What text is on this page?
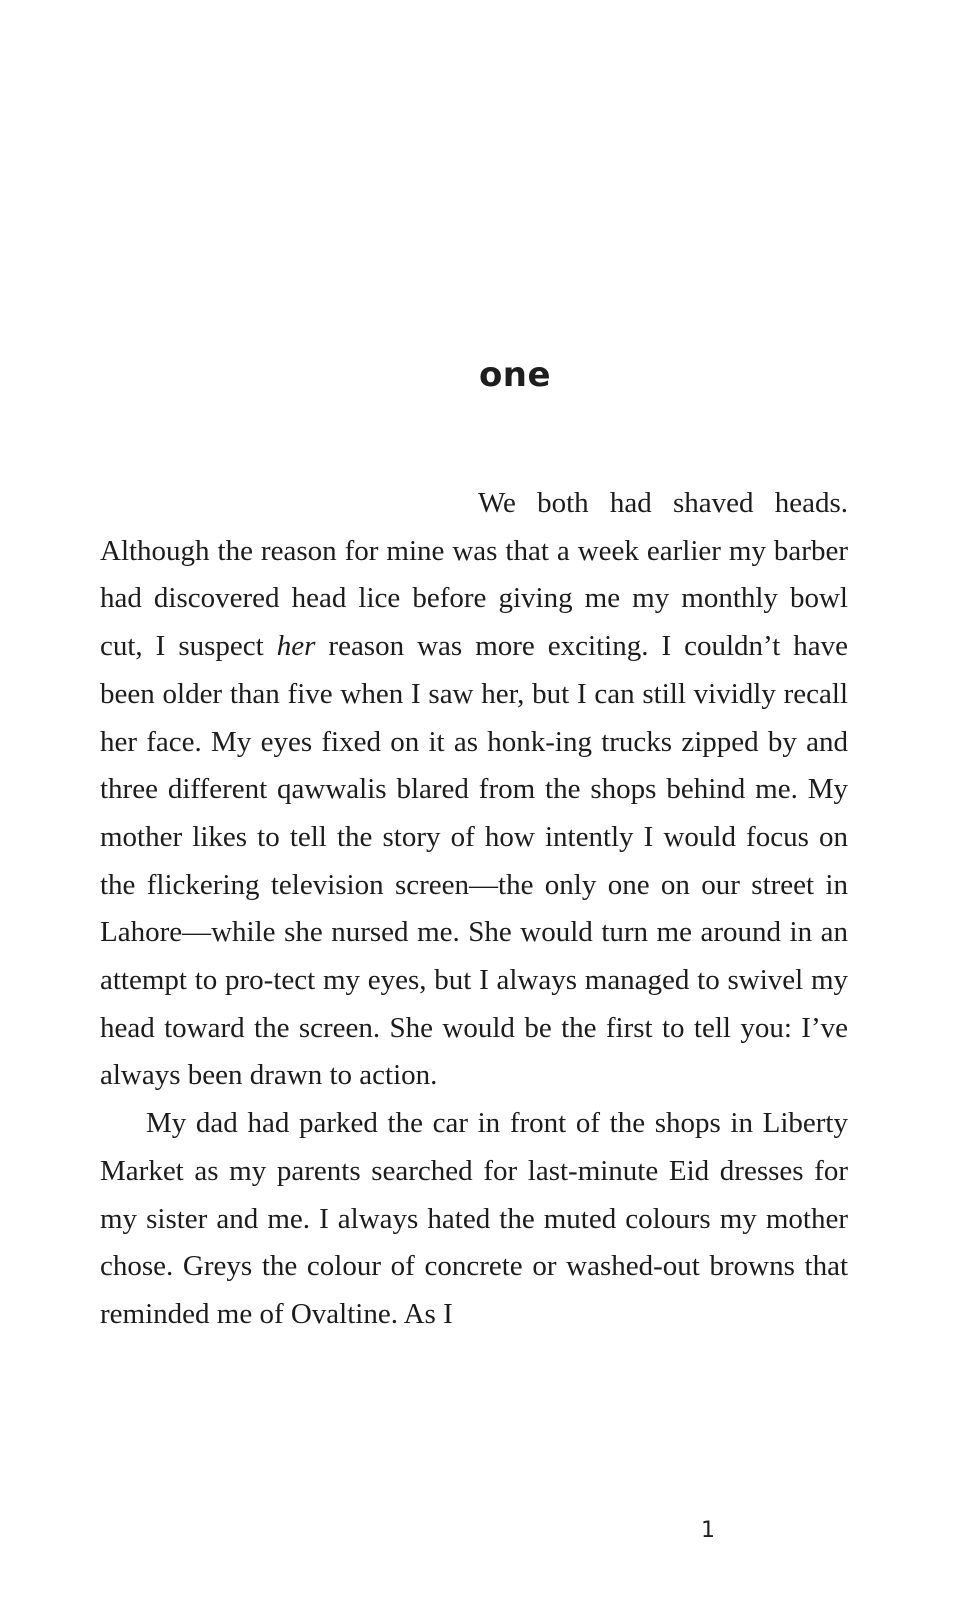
one

We both had shaved heads. Although the reason for mine was that a week earlier my barber had discovered head lice before giving me my monthly bowl cut, I suspect her reason was more exciting. I couldn’t have been older than five when I saw her, but I can still vividly recall her face. My eyes fixed on it as honk-ing trucks zipped by and three different qawwalis blared from the shops behind me. My mother likes to tell the story of how intently I would focus on the flickering television screen—the only one on our street in Lahore—while she nursed me. She would turn me around in an attempt to pro-tect my eyes, but I always managed to swivel my head toward the screen. She would be the first to tell you: I’ve always been drawn to action.

My dad had parked the car in front of the shops in Liberty Market as my parents searched for last-minute Eid dresses for my sister and me. I always hated the muted colours my mother chose. Greys the colour of concrete or washed-out browns that reminded me of Ovaltine. As I

1
